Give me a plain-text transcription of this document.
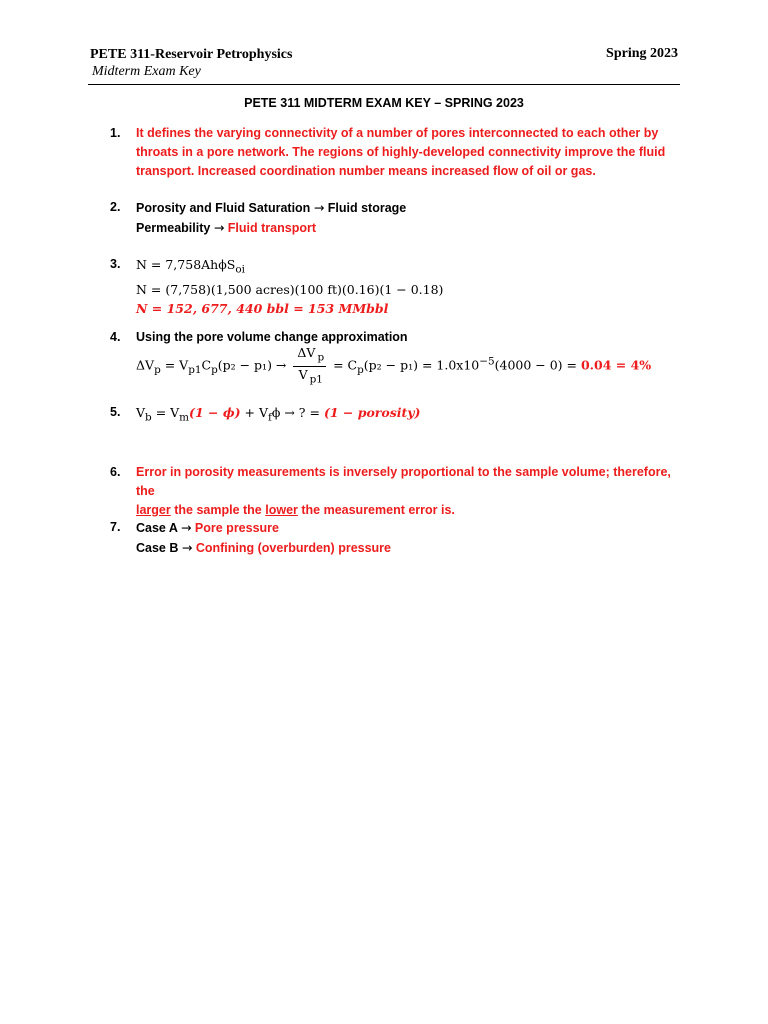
PETE 311-Reservoir Petrophysics
Midterm Exam Key
Spring 2023
PETE 311 MIDTERM EXAM KEY – SPRING 2023
1.	It defines the varying connectivity of a number of pores interconnected to each other by
throats in a pore network. The regions of highly-developed connectivity improve the fluid
transport. Increased coordination number means increased flow of oil or gas.
2.	Porosity and Fluid Saturation → Fluid storage
Permeability → Fluid transport
3.	N = 7,758AhϕS$_{oi}$
N = (7,758)(1,500 acres)(100 ft)(0.16)(1 − 0.18)
N = 152, 677, 440 bbl = 153 MMbbl
4.	Using the pore volume change approximation
$\Delta V_p = V_{p1}C_p(p_2 - p_1) \to \frac{\Delta V _p}{V _{p1}} = C_p(p_2 - p_1) = 1.0x10^{-5}(4000 - 0) = 0.04 = 4\%$
5.	$V_b = V_m(1 - \phi) + V_f\phi$ → ? = (1 − porosity)
6.	Error in porosity measurements is inversely proportional to the sample volume; therefore, the
larger the sample the lower the measurement error is.
7.	Case A → Pore pressure
Case B → Confining (overburden) pressure
